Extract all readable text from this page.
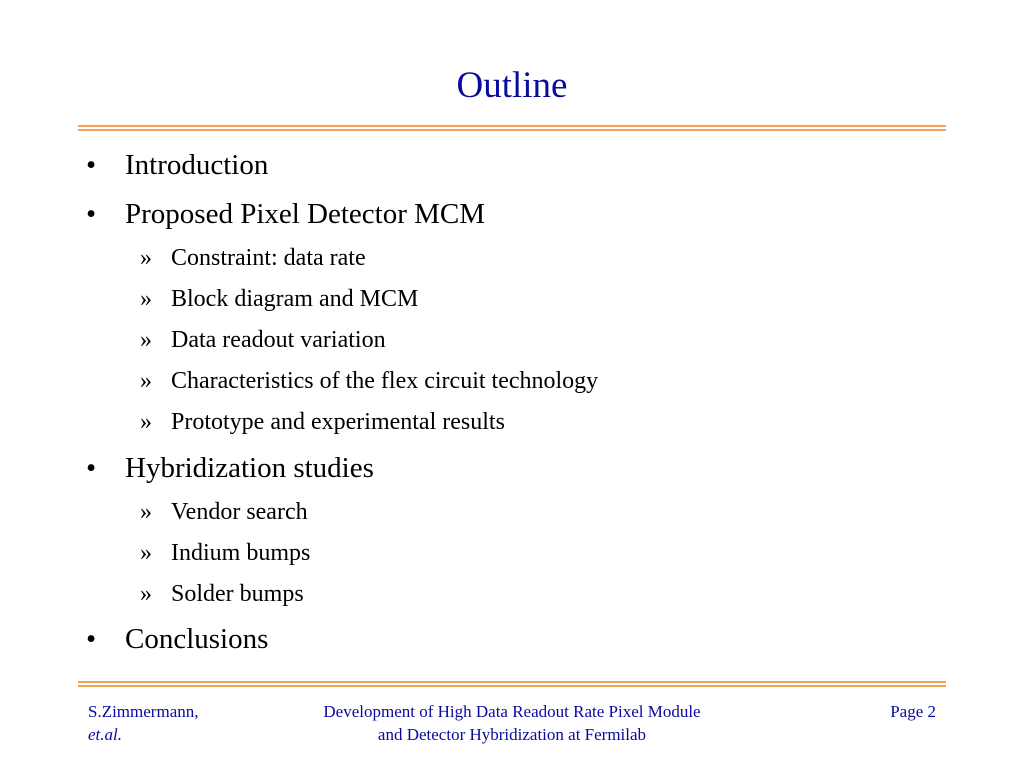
Outline
• Introduction
• Proposed Pixel Detector MCM
» Constraint: data rate
» Block diagram and MCM
» Data readout variation
» Characteristics of the flex circuit technology
» Prototype and experimental results
• Hybridization studies
» Vendor search
» Indium bumps
» Solder bumps
• Conclusions
S.Zimmermann,
et.al.
Development of High Data Readout Rate Pixel Module
and Detector Hybridization at Fermilab
Page 2
